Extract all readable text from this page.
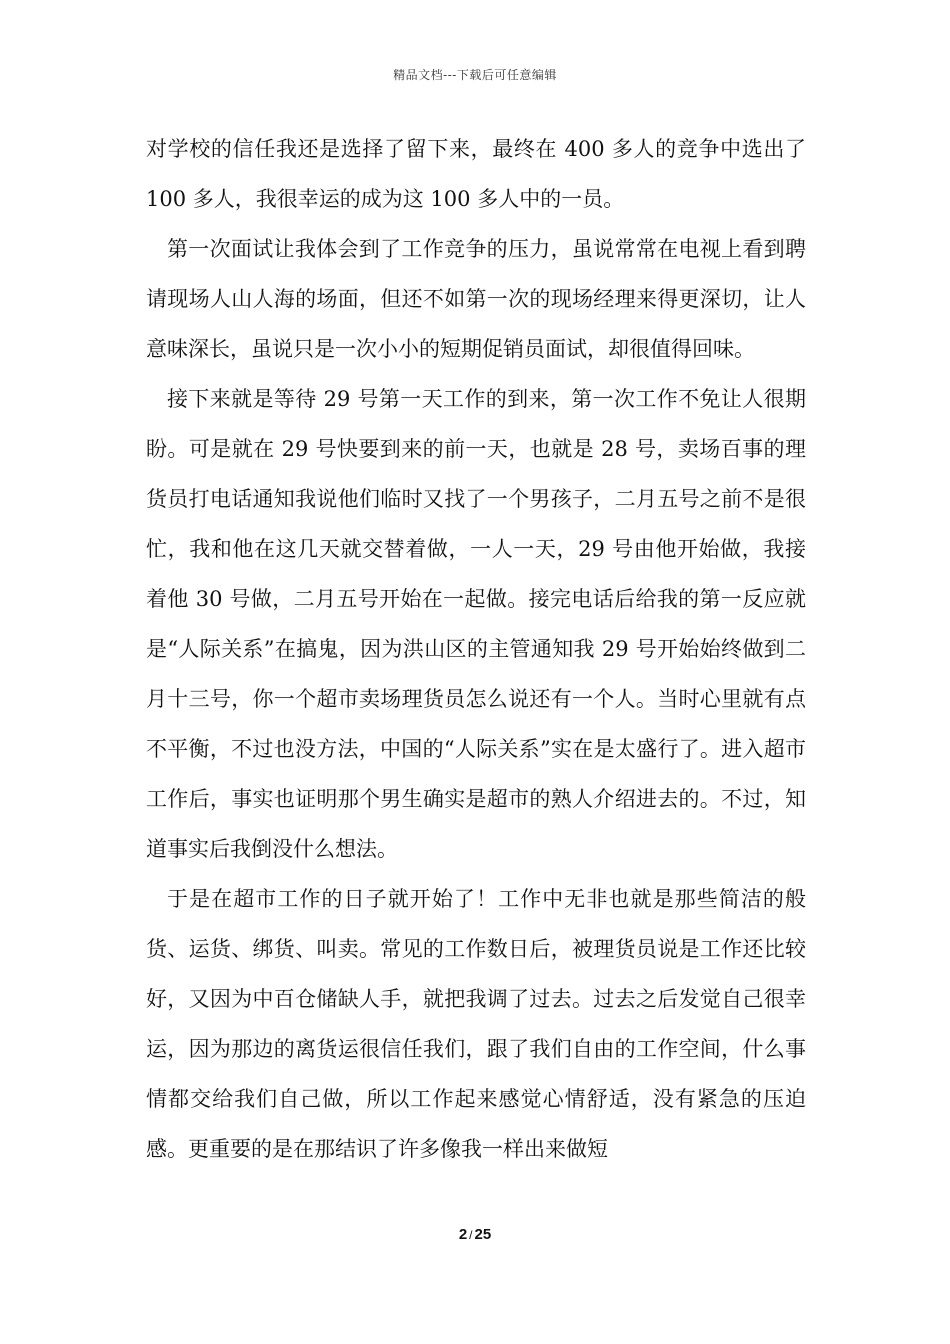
精品文档---下载后可任意编辑

对学校的信任我还是选择了留下来，最终在 400 多人的竞争中选出了 100 多人，我很幸运的成为这 100 多人中的一员。

第一次面试让我体会到了工作竞争的压力，虽说常常在电视上看到聘请现场人山人海的场面，但还不如第一次的现场经理来得更深切，让人意味深长，虽说只是一次小小的短期促销员面试，却很值得回味。

接下来就是等待 29 号第一天工作的到来，第一次工作不免让人很期盼。可是就在 29 号快要到来的前一天，也就是 28 号，卖场百事的理货员打电话通知我说他们临时又找了一个男孩子，二月五号之前不是很忙，我和他在这几天就交替着做，一人一天，29 号由他开始做，我接着他 30 号做，二月五号开始在一起做。接完电话后给我的第一反应就是“人际关系”在搞鬼，因为洪山区的主管通知我 29 号开始始终做到二月十三号，你一个超市卖场理货员怎么说还有一个人。当时心里就有点不平衡，不过也没方法，中国的“人际关系”实在是太盛行了。进入超市工作后，事实也证明那个男生确实是超市的熟人介绍进去的。不过，知道事实后我倒没什么想法。

于是在超市工作的日子就开始了！工作中无非也就是那些简洁的般货、运货、绑货、叫卖。常见的工作数日后，被理货员说是工作还比较好，又因为中百仓储缺人手，就把我调了过去。过去之后发觉自己很幸运，因为那边的离货运很信任我们，跟了我们自由的工作空间，什么事情都交给我们自己做，所以工作起来感觉心情舒适，没有紧急的压迫感。更重要的是在那结识了许多像我一样出来做短

2 / 25
